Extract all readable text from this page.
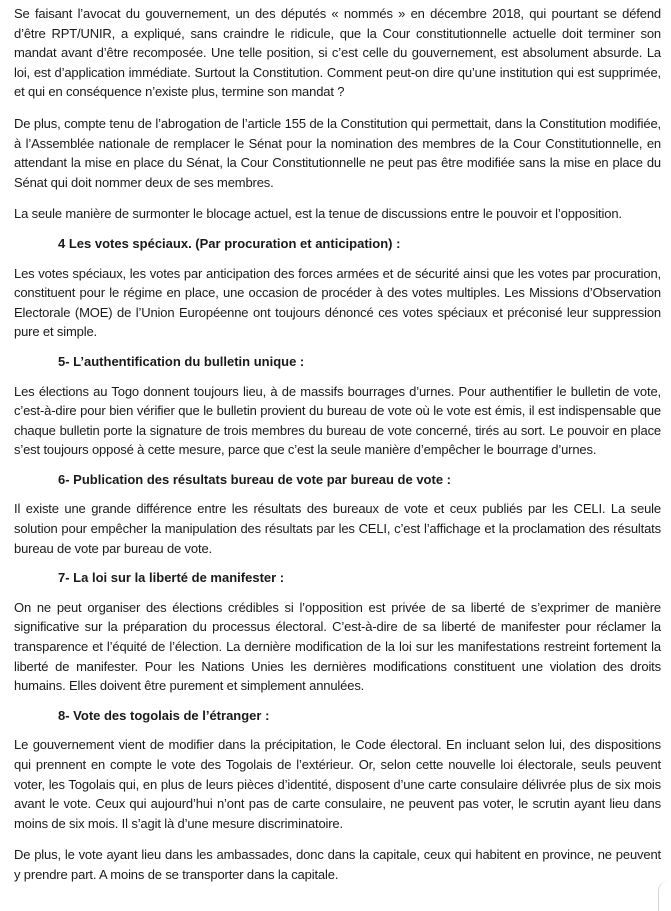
Se faisant l’avocat du gouvernement, un des députés « nommés » en décembre 2018, qui pourtant se défend d’être RPT/UNIR, a expliqué, sans craindre le ridicule, que la Cour constitutionnelle actuelle doit terminer son mandat avant d’être recomposée. Une telle position, si c’est celle du gouvernement, est absolument absurde. La loi, est d’application immédiate. Surtout la Constitution. Comment peut-on dire qu’une institution qui est supprimée, et qui en conséquence n’existe plus, termine son mandat ?

De plus, compte tenu de l’abrogation de l’article 155 de la Constitution qui permettait, dans la Constitution modifiée, à l’Assemblée nationale de remplacer le Sénat pour la nomination des membres de la Cour Constitutionnelle, en attendant la mise en place du Sénat, la Cour Constitutionnelle ne peut pas être modifiée sans la mise en place du Sénat qui doit nommer deux de ses membres.

La seule manière de surmonter le blocage actuel, est la tenue de discussions entre le pouvoir et l’opposition.

4 Les votes spéciaux. (Par procuration et anticipation) :

Les votes spéciaux, les votes par anticipation des forces armées et de sécurité ainsi que les votes par procuration, constituent pour le régime en place, une occasion de procéder à des votes multiples. Les Missions d’Observation Electorale (MOE) de l’Union Européenne ont toujours dénoncé ces votes spéciaux et préconisé leur suppression pure et simple.

5- L’authentification du bulletin unique :

Les élections au Togo donnent toujours lieu, à de massifs bourrages d’urnes. Pour authentifier le bulletin de vote, c’est-à-dire pour bien vérifier que le bulletin provient du bureau de vote où le vote est émis, il est indispensable que chaque bulletin porte la signature de trois membres du bureau de vote concerné, tirés au sort. Le pouvoir en place s’est toujours opposé à cette mesure, parce que c’est la seule manière d’empêcher le bourrage d’urnes.

6- Publication des résultats bureau de vote par bureau de vote :

Il existe une grande différence entre les résultats des bureaux de vote et ceux publiés par les CELI. La seule solution pour empêcher la manipulation des résultats par les CELI, c’est l’affichage et la proclamation des résultats bureau de vote par bureau de vote.

7- La loi sur la liberté de manifester :

On ne peut organiser des élections crédibles si l’opposition est privée de sa liberté de s’exprimer de manière significative sur la préparation du processus électoral. C’est-à-dire de sa liberté de manifester pour réclamer la transparence et l’équité de l’élection. La dernière modification de la loi sur les manifestations restreint fortement la liberté de manifester. Pour les Nations Unies les dernières modifications constituent une violation des droits humains. Elles doivent être purement et simplement annulées.

8- Vote des togolais de l’étranger :

Le gouvernement vient de modifier dans la précipitation, le Code électoral. En incluant selon lui, des dispositions qui prennent en compte le vote des Togolais de l’extérieur. Or, selon cette nouvelle loi électorale, seuls peuvent voter, les Togolais qui, en plus de leurs pièces d’identité, disposent d’une carte consulaire délivrée plus de six mois avant le vote. Ceux qui aujourd’hui n’ont pas de carte consulaire, ne peuvent pas voter, le scrutin ayant lieu dans moins de six mois. Il s’agit là d’une mesure discriminatoire.

De plus, le vote ayant lieu dans les ambassades, donc dans la capitale, ceux qui habitent en province, ne peuvent y prendre part. A moins de se transporter dans la capitale.
